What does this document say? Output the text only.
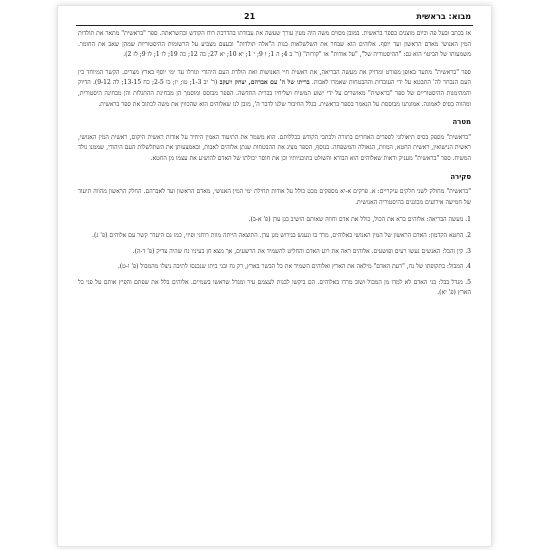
מבוא: בראשית
21

אז בכתב ובעל פה וכיום מוצגים בספר בראשית. במובן מסוים משה היה מעין עורך שעשה את עבודתו בהדרכת רוח הקודש ובהשראתה. ספר "בראשית" מתאר את תולדות המין האנושי מאדם הראשון ועד יוסף. אלוהים הוא שבחר את השלשלאות בנות ה"אלה תולדות" ובעצם מצביע על הרשומות ההיסטוריות שמהן שאב את החומר. משמעותו של הביטוי הוא גם: "ההיסטוריה של", "על אודות" או "קורות" (ר' ב 4; ה 1; ו 9; י 1; יא 10; יא 27; כה 12; כה 19; לו 1; לו 9; לז 2).

ספר "בראשית" מתעד באופן מפורט ומדויק את מעשה הבריאה, את ראשית חיי האנושות ואת הולדת העם היהודי וגורלו עד ימי יוסף בארץ מצרים. הקשר המיוחד בין העם הנבחר לה' התבטא על ידי העובדות וההבטחות שאמרו לאבות. בריתו של ה' עם אברהם, יצחק ויעקב (ר' יב 1-3; טו; יז; כו 2-5; כח 13-15; לה 9-12). הדיוק והמהימנות ההיסטוריים של ספר "בראשית" מאושרים על ידי ישוע המשיח ושליחיו בברית החדשה. הספר מבוסס ומוסמך הן מבחינת ההתגלות והן מבחינה היסטורית, ומהווה בסיס לאמונה. אמונתנו מבוססת על הנאמר בספר בראשית. בגלל החיבור שלנו לדבר ה', מובן לנו שאלוהים הוא שהכווין את משה לכתוב את ספר בראשית.

מטרה

"בראשית" מספק בסיס תיאולוגי לספרים האחרים בתורה ולכתבי הקודש בכללותם. הוא משמר את התיעוד האמין היחיד על אודות ראשית היקום, ראשית המין האנושי, ראשית הנישואין, ראשית החטא, המוות, הגאולה והמשפחה. בנוסף, הספר מציג את ההבטחות שנתן אלוהים לאבות, ובאמצעותן את השתלשלות העם היהודי, שממנו נולד המשיח. ספר "בראשית" מעניק ודאות שאלוהים הוא הבורא והשולט בתוכניותיו וכן את חוסר יכולתו של האדם להושיע את עצמו מן החטא.

סקירה

"בראשית" מחולק לשני חלקים עיקריים: א. פרקים א-יא מספקים מבט כולל על אודות תחילת ימי המין האנושי, מאדם הראשון ועד לאברהם. החלק הראשון מהווה תיעוד של חמישה אירועים מכוננים בהיסטוריה האנושית.

1. מעשה הבריאה: אלוהים ברא את הכול, כולל את אדם וחווה שאותם הושיב בגן עדן (פ' א-ב).
2. החטא הקדמון: האדם הראשון של המין האנושי באלוהים, מרד בו ונענש בגירוש מגן עדן. התוצאה הייתה מוות רוחני ופיזי, כמו גם היעדר קשר עם אלוהים (פ' ג).
3. קין והבל: האנשים נעשו רעים ופושעים. אלוהים ראה את רוע האדם והחליט להשמיד את הרשעים, אך מצא חן בעיניו נח שהיה צדיק (פ' ד-ה).
4. המבול: בתקופתו של נח, "רעת האדם" מילאה את הארץ ואלוהים השמיד את כל הבשר בארץ, רק נח ובני ביתו שנכנסו לתיבה ניצלו מהמבול (פ' ו-ט).
5. מגדל בבל: בני האדם לא למדו מן המבול ושוב מרדו באלוהים. הם ביקשו לבנות לעצמם עיר ומגדל שראשו בשמיים. אלוהים בלל את שפתם והפיץ אותם על פני כל הארץ (פ' יא).
